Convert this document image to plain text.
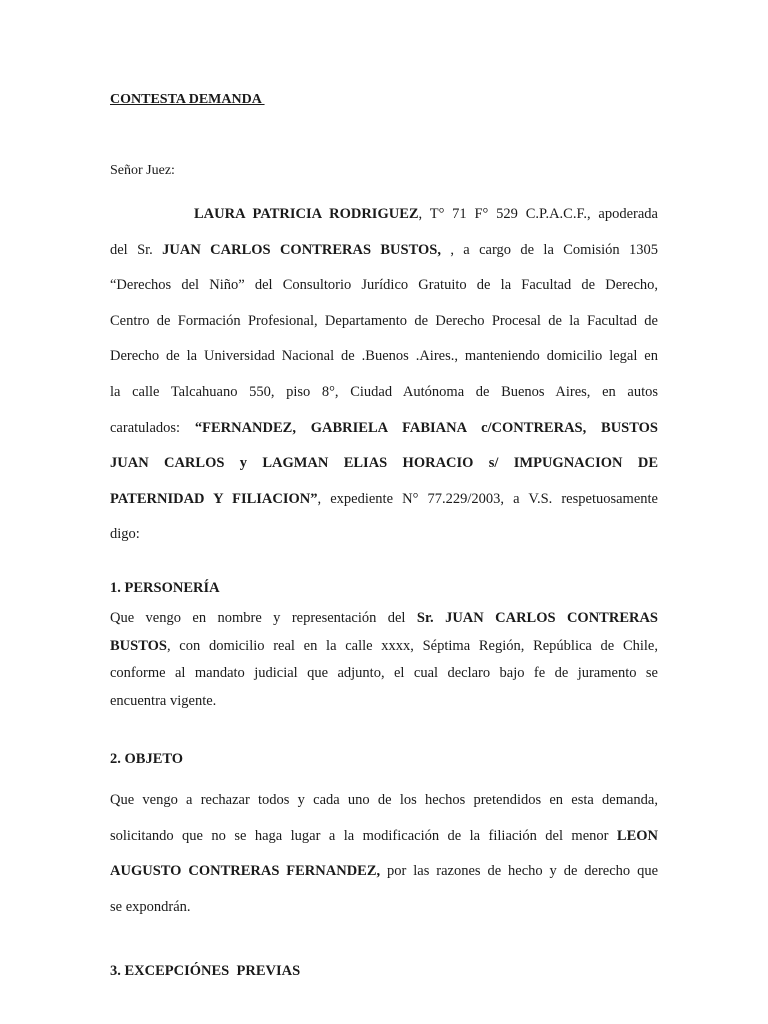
CONTESTA DEMANDA
Señor Juez:
LAURA PATRICIA RODRIGUEZ, T° 71 F° 529 C.P.A.C.F., apoderada
del Sr. JUAN CARLOS CONTRERAS BUSTOS, , a cargo de la Comisión 1305
“Derechos del Niño” del Consultorio Jurídico Gratuito de la Facultad de Derecho,
Centro de Formación Profesional, Departamento de Derecho Procesal de la Facultad de
Derecho de la Universidad Nacional de .Buenos .Aires., manteniendo domicilio legal en
la calle Talcahuano 550, piso 8°, Ciudad Autónoma de Buenos Aires, en autos
caratulados: “FERNANDEZ, GABRIELA FABIANA c/CONTRERAS, BUSTOS
JUAN CARLOS y LAGMAN ELIAS HORACIO s/ IMPUGNACION DE
PATERNIDAD Y FILIACION”, expediente N° 77.229/2003, a V.S. respetuosamente
digo:
1. PERSONERÍA
Que vengo en nombre y representación del Sr. JUAN CARLOS CONTRERAS
BUSTOS, con domicilio real en la calle xxxx, Séptima Región, República de Chile,
conforme al mandato judicial que adjunto, el cual declaro bajo fe de juramento se
encuentra vigente.
2. OBJETO
Que vengo a rechazar todos y cada uno de los hechos pretendidos en esta demanda,
solicitando que no se haga lugar a la modificación de la filiación del menor LEON
AUGUSTO CONTRERAS FERNANDEZ, por las razones de hecho y de derecho que
se expondrán.
3. EXCEPCIÓNES  PREVIAS
